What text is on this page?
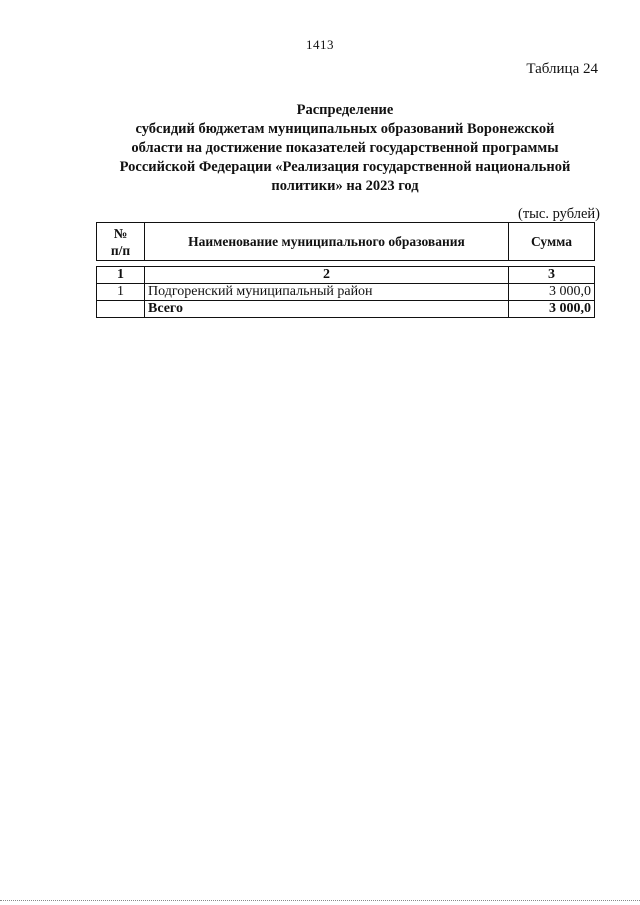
1413
Таблица 24
Распределение
субсидий бюджетам муниципальных образований Воронежской
области на достижение показателей государственной программы
Российской Федерации «Реализация государственной национальной
политики» на 2023 год
(тыс. рублей)
№
п/п
	Наименование муниципального образования	Сумма
1	2	3
1	Подгоренский муниципальный район	3 000,0
	Всего	3 000,0
